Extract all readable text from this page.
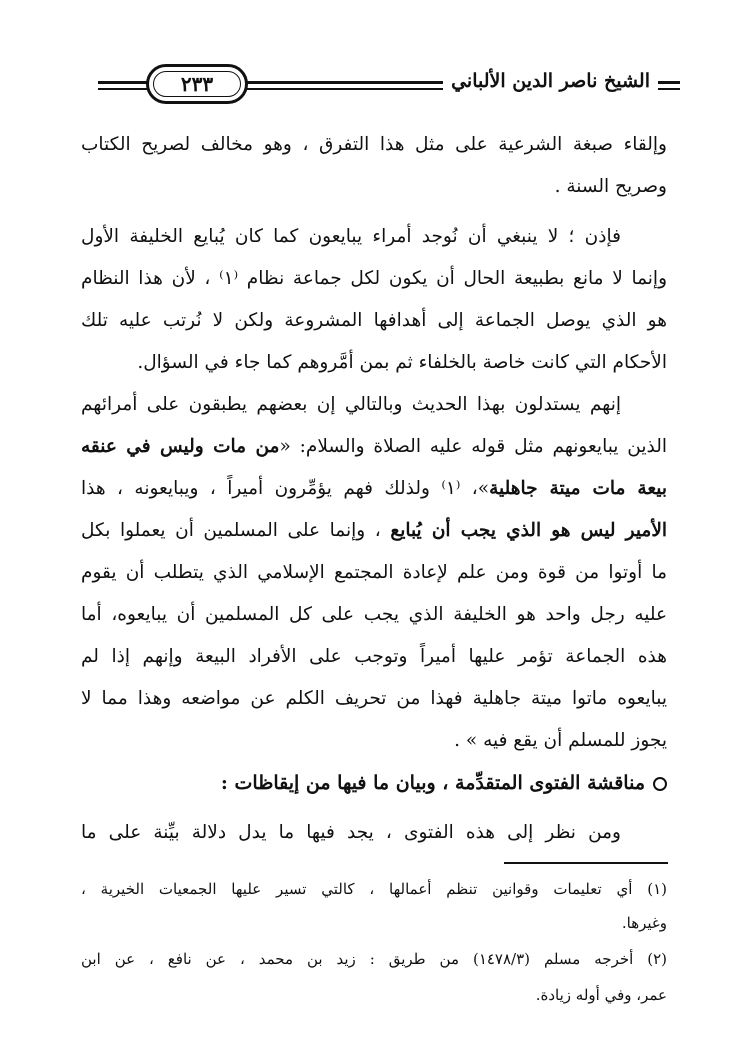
الشيخ ناصر الدين الألباني
٢٣٣
وإلقاء صبغة الشرعية على مثل هذا التفرق ، وهو مخالف لصريح الكتاب
وصريح السنة .
فإذن ؛ لا ينبغي أن نُوجد أمراء يبايعون كما كان يُبايع الخليفة الأول
وإنما لا مانع بطبيعة الحال أن يكون لكل جماعة نظام ⁽١⁾ ، لأن هذا النظام
هو الذي يوصل الجماعة إلى أهدافها المشروعة ولكن لا نُرتب عليه تلك
الأحكام التي كانت خاصة بالخلفاء ثم بمن أمَّروهم كما جاء في السؤال.
إنهم يستدلون بهذا الحديث وبالتالي إن بعضهم يطبقون على أمرائهم
الذين يبايعونهم مثل قوله عليه الصلاة والسلام: «من مات وليس في عنقه
بيعة مات ميتة جاهلية»، ⁽١⁾ ولذلك فهم يؤمِّرون أميراً ، ويبايعونه ، هذا
الأمير ليس هو الذي يجب أن يُبايع ، وإنما على المسلمين أن يعملوا بكل
ما أوتوا من قوة ومن علم لإعادة المجتمع الإسلامي الذي يتطلب أن يقوم
عليه رجل واحد هو الخليفة الذي يجب على كل المسلمين أن يبايعوه، أما
هذه الجماعة تؤمر عليها أميراً وتوجب على الأفراد البيعة وإنهم إذا لم
يبايعوه ماتوا ميتة جاهلية فهذا من تحريف الكلم عن مواضعه وهذا مما لا
يجوز للمسلم أن يقع فيه » .
مناقشة الفتوى المتقدِّمة ، وبيان ما فيها من إيقاظات :
ومن نظر إلى هذه الفتوى ، يجد فيها ما يدل دلالة بيِّنة على ما
(١) أي تعليمات وقوانين تنظم أعمالها ، كالتي تسير عليها الجمعيات الخيرية ،
وغيرها.
(٢) أخرجه مسلم (١٤٧٨/٣) من طريق : زيد بن محمد ، عن نافع ، عن ابن
عمر، وفي أوله زيادة.
